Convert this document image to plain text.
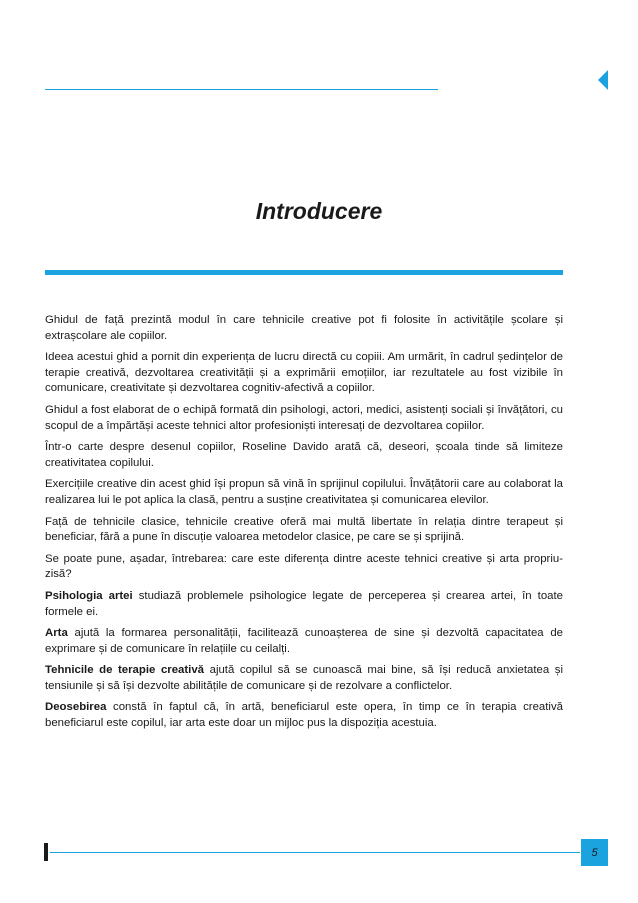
Introducere

Ghidul de față prezintă modul în care tehnicile creative pot fi folosite în activitățile școlare și extrașcolare ale copiilor.

Ideea acestui ghid a pornit din experiența de lucru directă cu copiii. Am urmărit, în cadrul ședințelor de terapie creativă, dezvoltarea creativității și a exprimării emoțiilor, iar rezultatele au fost vizibile în comunicare, creativitate și dezvoltarea cognitiv-afectivă a copiilor.

Ghidul a fost elaborat de o echipă formată din psihologi, actori, medici, asistenți sociali și învățători, cu scopul de a împărtăși aceste tehnici altor profesioniști interesați de dezvoltarea copiilor.

Într-o carte despre desenul copiilor, Roseline Davido arată că, deseori, școala tinde să limiteze creativitatea copilului.

Exercițiile creative din acest ghid își propun să vină în sprijinul copilului. Învățătorii care au colaborat la realizarea lui le pot aplica la clasă, pentru a susține creativitatea și comunicarea elevilor.

Față de tehnicile clasice, tehnicile creative oferă mai multă libertate în relația dintre terapeut și beneficiar, fără a pune în discuție valoarea metodelor clasice, pe care se și sprijină.

Se poate pune, așadar, întrebarea: care este diferența dintre aceste tehnici creative și arta propriu-zisă?

Psihologia artei studiază problemele psihologice legate de perceperea și crearea artei, în toate formele ei.

Arta ajută la formarea personalității, facilitează cunoașterea de sine și dezvoltă capacitatea de exprimare și de comunicare în relațiile cu ceilalți.

Tehnicile de terapie creativă ajută copilul să se cunoască mai bine, să își reducă anxietatea și tensiunile și să își dezvolte abilitățile de comunicare și de rezolvare a conflictelor.

Deosebirea constă în faptul că, în artă, beneficiarul este opera, în timp ce în terapia creativă beneficiarul este copilul, iar arta este doar un mijloc pus la dispoziția acestuia.

5
